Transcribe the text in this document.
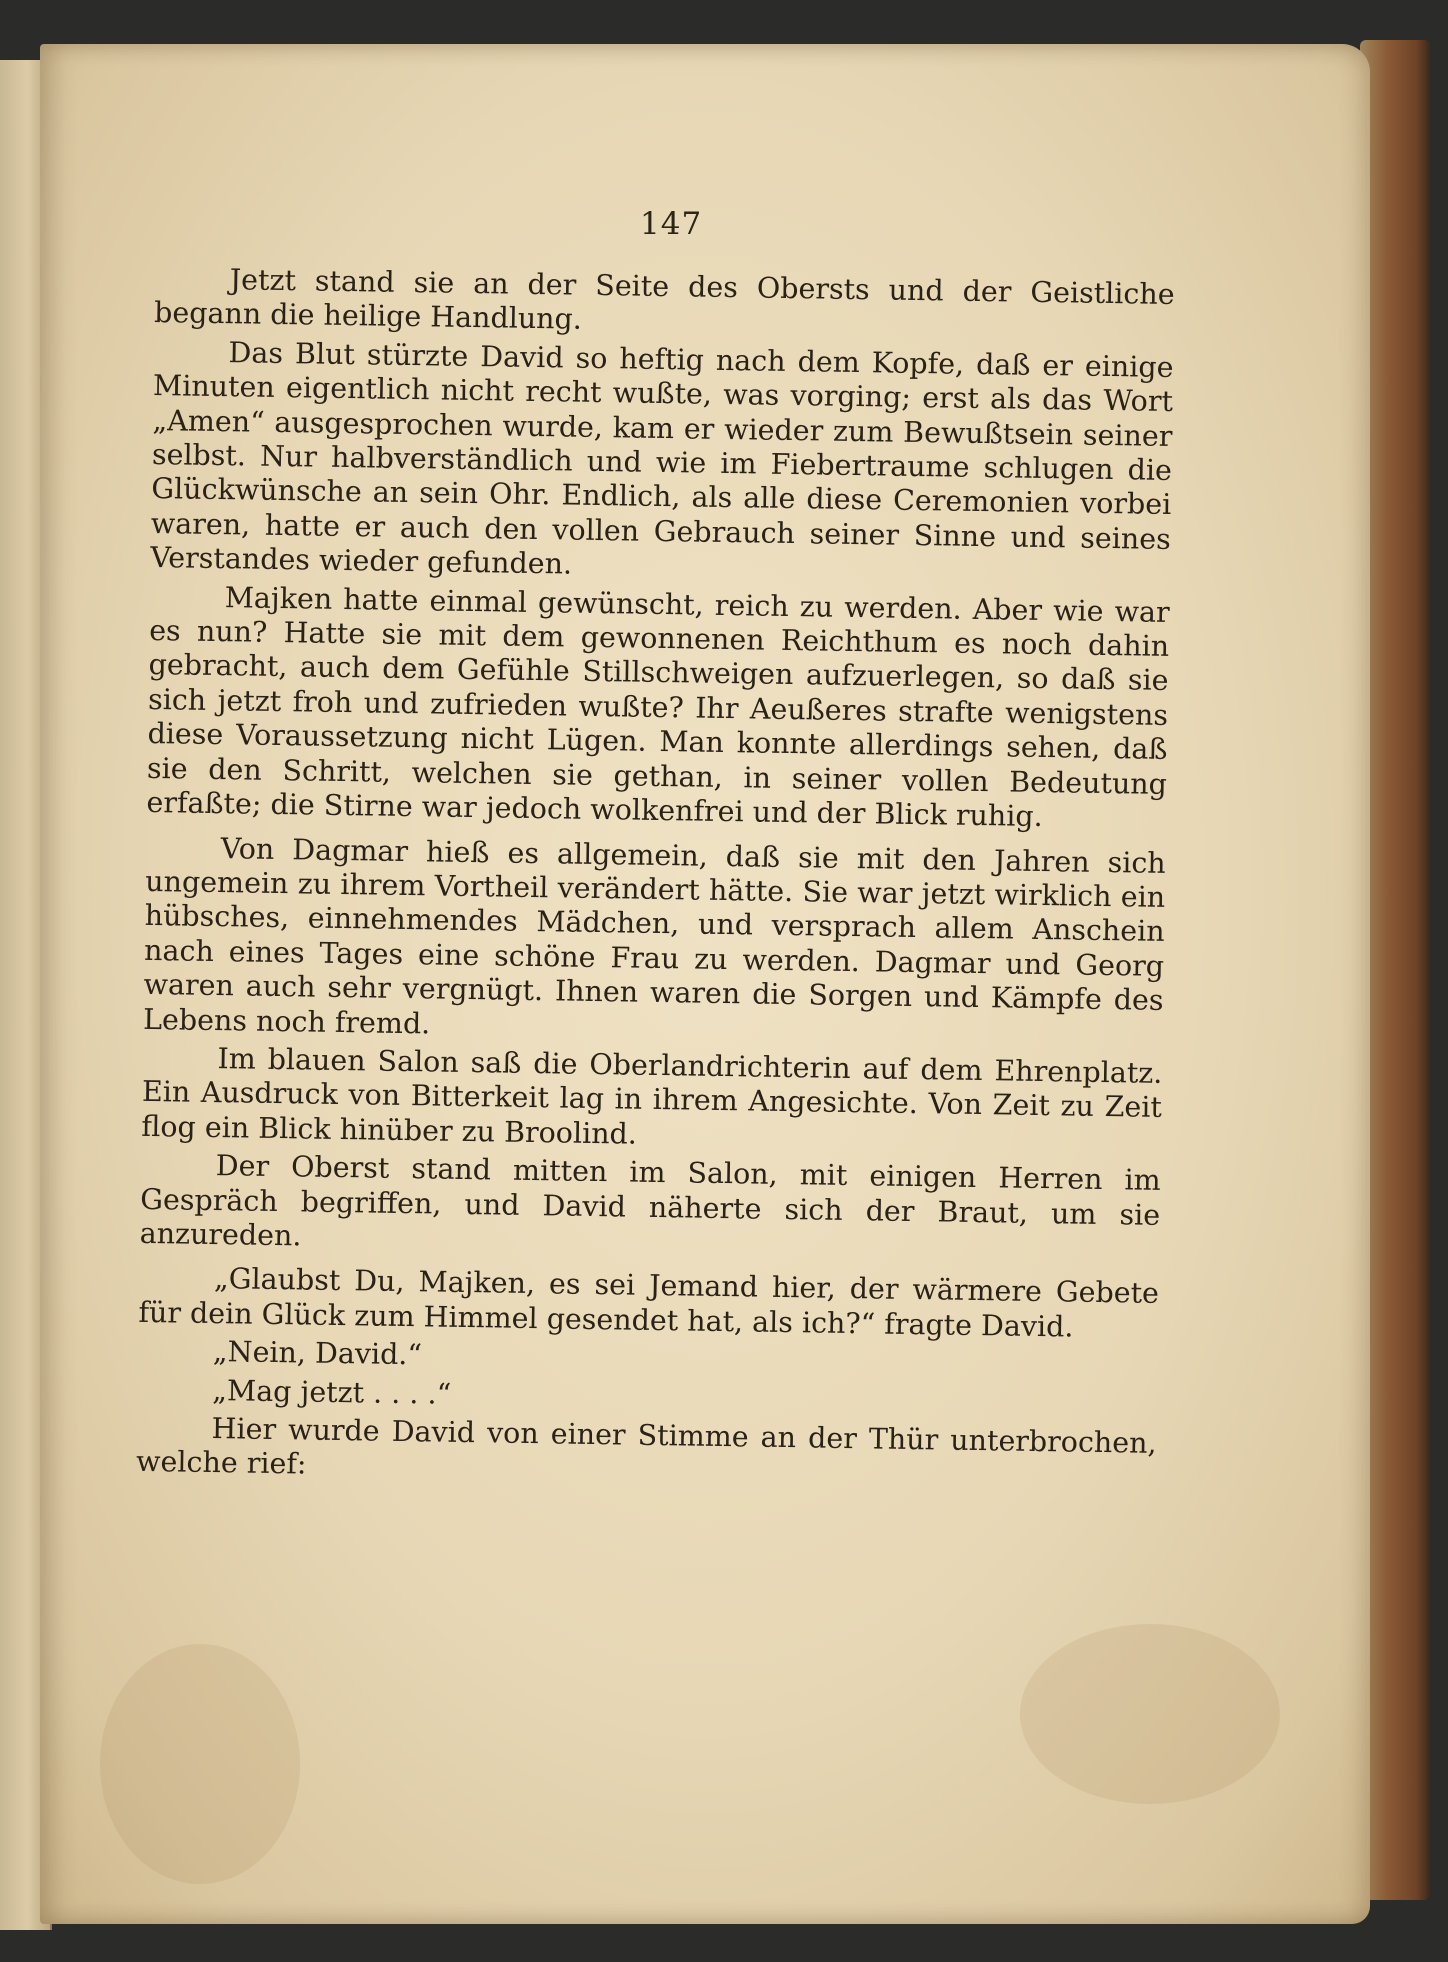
147

Jetzt stand sie an der Seite des Obersts und der Geistliche begann die heilige Handlung.

Das Blut stürzte David so heftig nach dem Kopfe, daß er einige Minuten eigentlich nicht recht wußte, was vorging; erst als das Wort „Amen“ ausgesprochen wurde, kam er wieder zum Bewußtsein seiner selbst. Nur halbverständlich und wie im Fiebertraume schlugen die Glückwünsche an sein Ohr. Endlich, als alle diese Ceremonien vorbei waren, hatte er auch den vollen Gebrauch seiner Sinne und seines Verstandes wieder gefunden.

Majken hatte einmal gewünscht, reich zu werden. Aber wie war es nun? Hatte sie mit dem gewonnenen Reichthum es noch dahin gebracht, auch dem Gefühle Stillschweigen aufzuerlegen, so daß sie sich jetzt froh und zufrieden wußte? Ihr Aeußeres strafte wenigstens diese Voraussetzung nicht Lügen. Man konnte allerdings sehen, daß sie den Schritt, welchen sie gethan, in seiner vollen Bedeutung erfaßte; die Stirne war jedoch wolkenfrei und der Blick ruhig.

Von Dagmar hieß es allgemein, daß sie mit den Jahren sich ungemein zu ihrem Vortheil verändert hätte. Sie war jetzt wirklich ein hübsches, einnehmendes Mädchen, und versprach allem Anschein nach eines Tages eine schöne Frau zu werden. Dagmar und Georg waren auch sehr vergnügt. Ihnen waren die Sorgen und Kämpfe des Lebens noch fremd.

Im blauen Salon saß die Oberlandrichterin auf dem Ehrenplatz. Ein Ausdruck von Bitterkeit lag in ihrem Angesichte. Von Zeit zu Zeit flog ein Blick hinüber zu Broolind.

Der Oberst stand mitten im Salon, mit einigen Herren im Gespräch begriffen, und David näherte sich der Braut, um sie anzureden.

„Glaubst Du, Majken, es sei Jemand hier, der wärmere Gebete für dein Glück zum Himmel gesendet hat, als ich?“ fragte David.

„Nein, David.“

„Mag jetzt . . . .“

Hier wurde David von einer Stimme an der Thür unterbrochen, welche rief:
